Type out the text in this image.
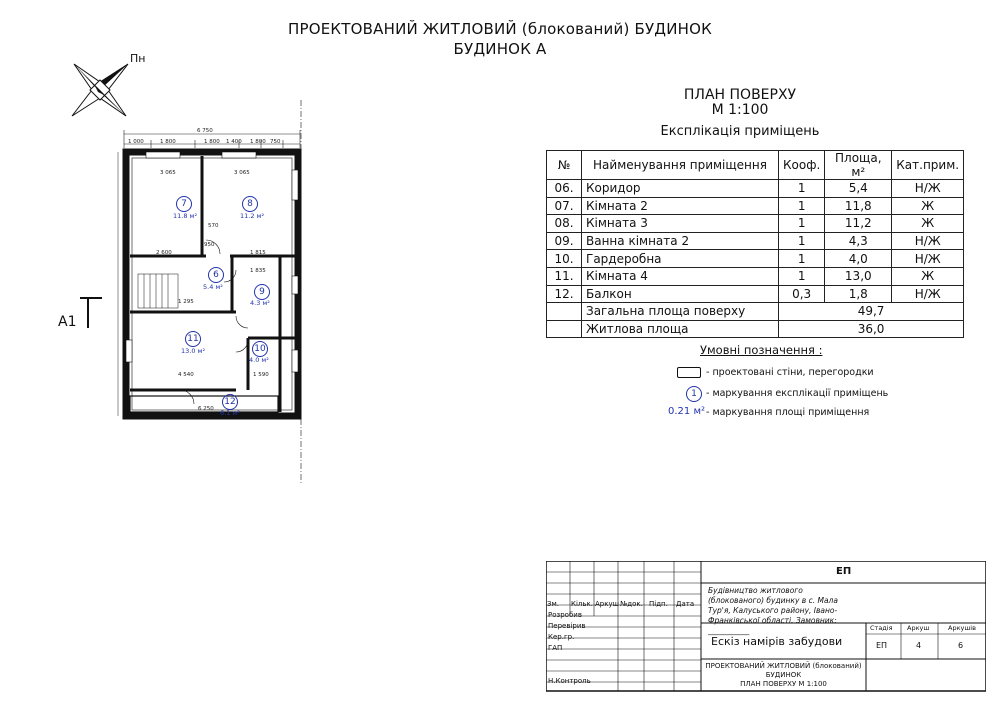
ПРОЕКТОВАНИЙ ЖИТЛОВИЙ (блокований) БУДИНОК
БУДИНОК А
Пн
А1
6 750
1 000	1 800	1 800 1 400 1 800 750
3 065	3 065
2 600	1 815
1 835
570
950
1 295
4 540	1 590
6 250
7
11.8 м²
8
11.2 м²
6
5.4 м²	9
4.3 м²
11
13.0 м²	10
4.0 м²
12
6.1 м²
ПЛАН ПОВЕРХУ
М 1:100
Експлікація приміщень
№	Найменування приміщення	Кооф.	Площа, м²	Кат.прим.
06.	Коридор	1	5,4	Н/Ж
07.	Кімната 2	1	11,8	Ж
08.	Кімната 3	1	11,2	Ж
09.	Ванна кімната 2	1	4,3	Н/Ж
10.	Гардеробна	1	4,0	Н/Ж
11.	Кімната 4	1	13,0	Ж
12.	Балкон	0,3	1,8	Н/Ж
	Загальна площа поверху	49,7		
	Житлова площа	36,0		
Умовні позначення :
- проектовані стіни, перегородки
1 - маркування експлікації приміщень
0.21 м² - маркування площі приміщення
ЕП
Зм. Кільк. Аркуш №док. Підп. Дата
Розробив
Перевірив
Кер.гр.
ГАП
Н.Контроль
Будівництво житлового (блокованого) будинку в с. Мала Тур'я, Калуського району, Івано-Франківської області. Замовник: ___________
Ескіз намірів забудови
Стадія Аркуш	Аркушів
ЕП	4	6
ПРОЕКТОВАНИЙ ЖИТЛОВИЙ (блокований)
БУДИНОК
ПЛАН ПОВЕРХУ М 1:100
